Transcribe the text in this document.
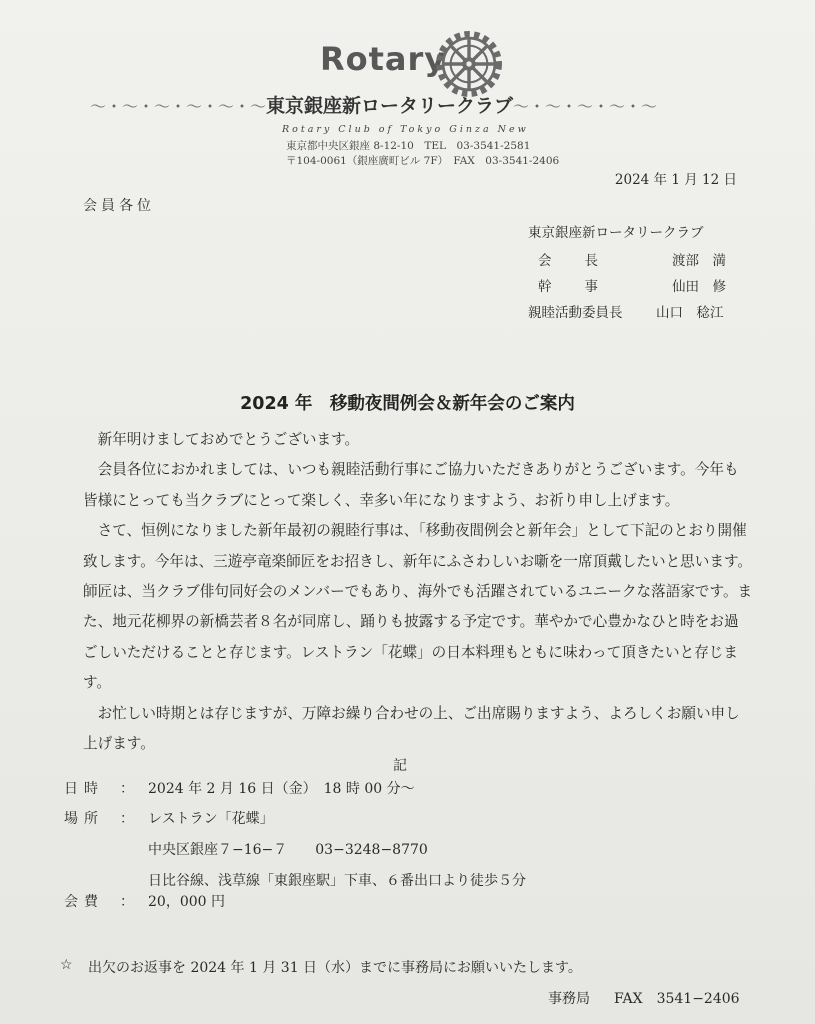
Rotary
～・～・～・～・～・～東京銀座新ロータリークラブ～・～・～・～・～
Rotary Club of Tokyo Ginza New
東京都中央区銀座 8-12-10　TEL　03-3541-2581
〒104-0061（銀座廣町ビル 7F）　FAX　03-3541-2406
2024 年 1 月 12 日
会員各位
東京銀座新ロータリークラブ
会　　長	渡部　満
幹　　事	仙田　修
親睦活動委員長 山口　稔江
2024 年　移動夜間例会＆新年会のご案内

新年明けましておめでとうございます。

会員各位におかれましては、いつも親睦活動行事にご協力いただきありがとうございます。今年も皆様にとっても当クラブにとって楽しく、幸多い年になりますよう、お祈り申し上げます。

さて、恒例になりました新年最初の親睦行事は、「移動夜間例会と新年会」として下記のとおり開催致します。今年は、三遊亭竜楽師匠をお招きし、新年にふさわしいお噺を一席頂戴したいと思います。師匠は、当クラブ俳句同好会のメンバーでもあり、海外でも活躍されているユニークな落語家です。また、地元花柳界の新橋芸者８名が同席し、踊りも披露する予定です。華やかで心豊かなひと時をお過ごしいただけることと存じます。レストラン「花蝶」の日本料理もともに味わって頂きたいと存じます。

お忙しい時期とは存じますが、万障お繰り合わせの上、ご出席賜りますよう、よろしくお願い申し上げます。

記
日時 ： 2024 年 2 月 16 日（金）　18 時 00 分～
場所 ： レストラン「花蝶」
中央区銀座７−16−７　　03−3248−8770
日比谷線、浅草線「東銀座駅」下車、６番出口より徒歩５分
会費 ： 20，000 円
☆ 出欠のお返事を 2024 年 1 月 31 日（水）までに事務局にお願いいたします。
事務局 FAX　3541−2406
